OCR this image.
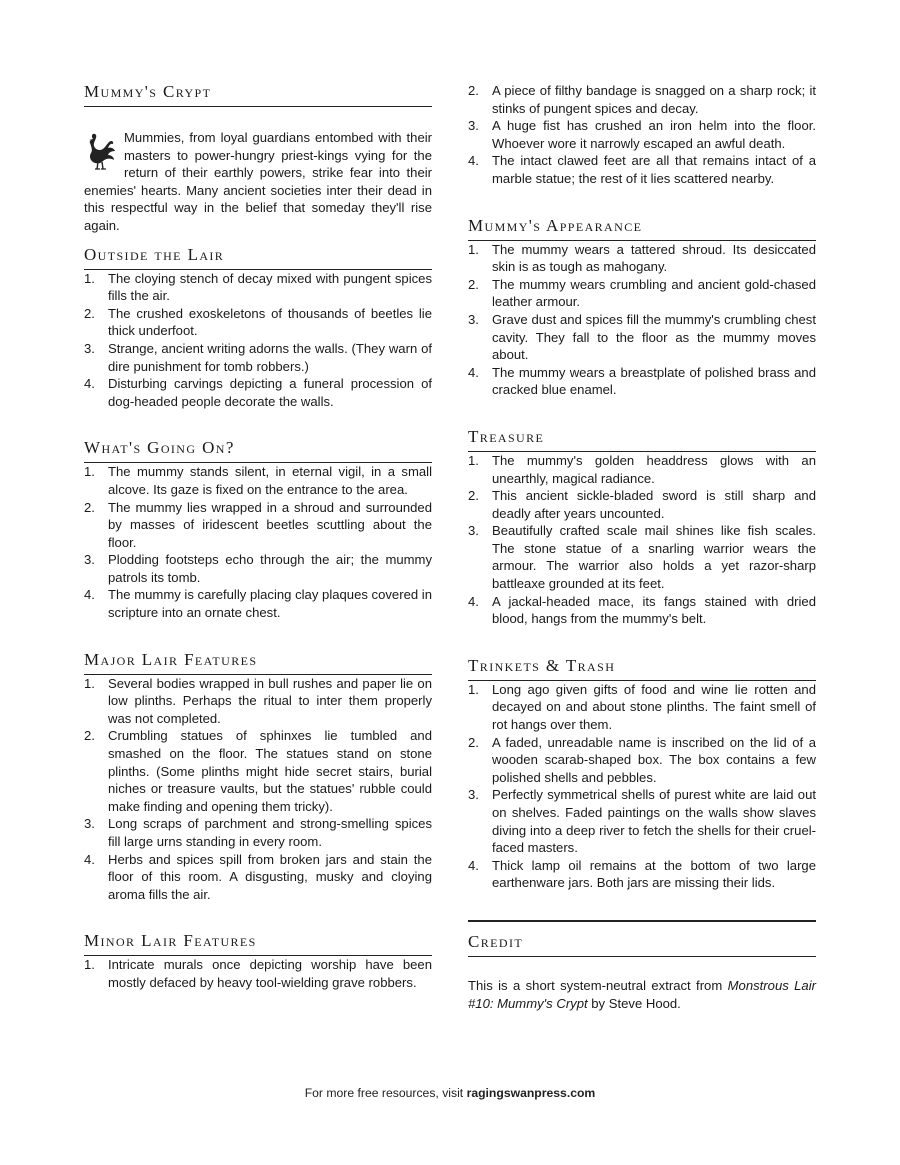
Mummy's Crypt
Mummies, from loyal guardians entombed with their masters to power-hungry priest-kings vying for the return of their earthly powers, strike fear into their enemies' hearts. Many ancient societies inter their dead in this respectful way in the belief that someday they'll rise again.
Outside the Lair
1. The cloying stench of decay mixed with pungent spices fills the air.
2. The crushed exoskeletons of thousands of beetles lie thick underfoot.
3. Strange, ancient writing adorns the walls. (They warn of dire punishment for tomb robbers.)
4. Disturbing carvings depicting a funeral procession of dog-headed people decorate the walls.
What's Going On?
1. The mummy stands silent, in eternal vigil, in a small alcove. Its gaze is fixed on the entrance to the area.
2. The mummy lies wrapped in a shroud and surrounded by masses of iridescent beetles scuttling about the floor.
3. Plodding footsteps echo through the air; the mummy patrols its tomb.
4. The mummy is carefully placing clay plaques covered in scripture into an ornate chest.
Major Lair Features
1. Several bodies wrapped in bull rushes and paper lie on low plinths. Perhaps the ritual to inter them properly was not completed.
2. Crumbling statues of sphinxes lie tumbled and smashed on the floor. The statues stand on stone plinths. (Some plinths might hide secret stairs, burial niches or treasure vaults, but the statues' rubble could make finding and opening them tricky).
3. Long scraps of parchment and strong-smelling spices fill large urns standing in every room.
4. Herbs and spices spill from broken jars and stain the floor of this room. A disgusting, musky and cloying aroma fills the air.
Minor Lair Features
1. Intricate murals once depicting worship have been mostly defaced by heavy tool-wielding grave robbers.
2. A piece of filthy bandage is snagged on a sharp rock; it stinks of pungent spices and decay.
3. A huge fist has crushed an iron helm into the floor. Whoever wore it narrowly escaped an awful death.
4. The intact clawed feet are all that remains intact of a marble statue; the rest of it lies scattered nearby.
Mummy's Appearance
1. The mummy wears a tattered shroud. Its desiccated skin is as tough as mahogany.
2. The mummy wears crumbling and ancient gold-chased leather armour.
3. Grave dust and spices fill the mummy's crumbling chest cavity. They fall to the floor as the mummy moves about.
4. The mummy wears a breastplate of polished brass and cracked blue enamel.
Treasure
1. The mummy's golden headdress glows with an unearthly, magical radiance.
2. This ancient sickle-bladed sword is still sharp and deadly after years uncounted.
3. Beautifully crafted scale mail shines like fish scales. The stone statue of a snarling warrior wears the armour. The warrior also holds a yet razor-sharp battleaxe grounded at its feet.
4. A jackal-headed mace, its fangs stained with dried blood, hangs from the mummy's belt.
Trinkets & Trash
1. Long ago given gifts of food and wine lie rotten and decayed on and about stone plinths. The faint smell of rot hangs over them.
2. A faded, unreadable name is inscribed on the lid of a wooden scarab-shaped box. The box contains a few polished shells and pebbles.
3. Perfectly symmetrical shells of purest white are laid out on shelves. Faded paintings on the walls show slaves diving into a deep river to fetch the shells for their cruel-faced masters.
4. Thick lamp oil remains at the bottom of two large earthenware jars. Both jars are missing their lids.
Credit
This is a short system-neutral extract from Monstrous Lair #10: Mummy's Crypt by Steve Hood.
For more free resources, visit ragingswanpress.com
